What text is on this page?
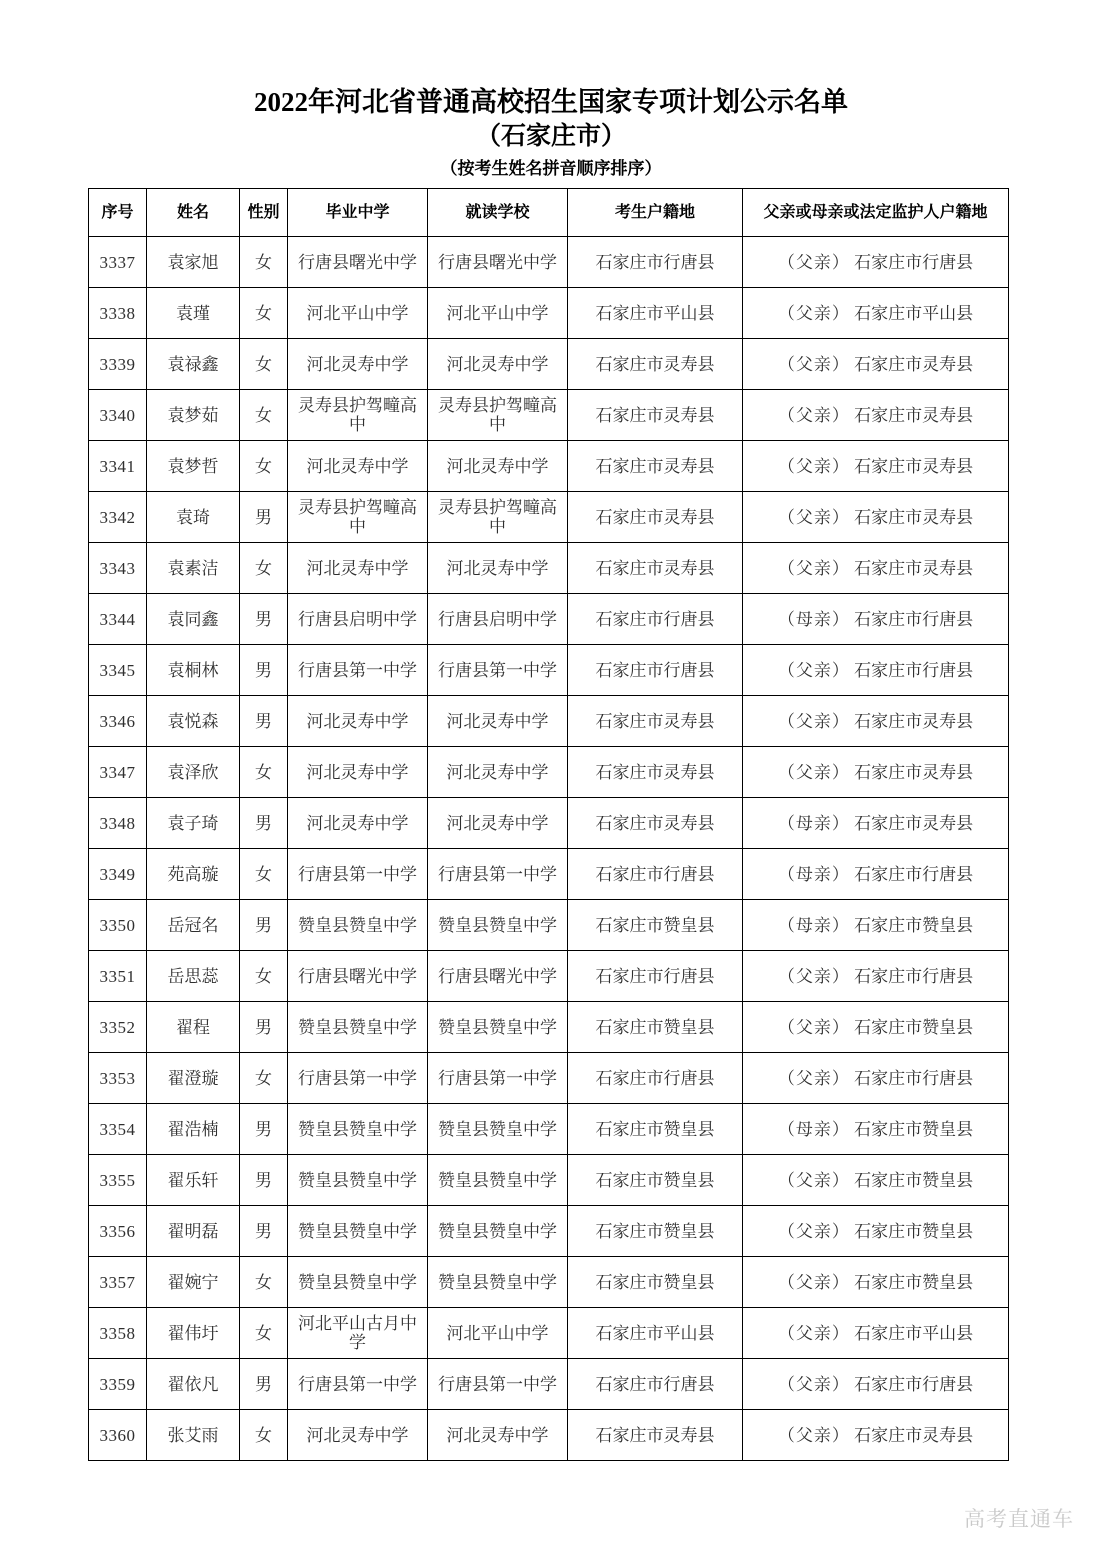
2022年河北省普通高校招生国家专项计划公示名单
（石家庄市）
（按考生姓名拼音顺序排序）
序号	姓名	性别	毕业中学	就读学校	考生户籍地	父亲或母亲或法定监护人户籍地
3337	袁家旭	女	行唐县曙光中学	行唐县曙光中学	石家庄市行唐县	（父亲） 石家庄市行唐县
3338	袁瑾	女	河北平山中学	河北平山中学	石家庄市平山县	（父亲） 石家庄市平山县
3339	袁禄鑫	女	河北灵寿中学	河北灵寿中学	石家庄市灵寿县	（父亲） 石家庄市灵寿县
3340	袁梦茹	女	灵寿县护驾疃高中	灵寿县护驾疃高中	石家庄市灵寿县	（父亲） 石家庄市灵寿县
3341	袁梦哲	女	河北灵寿中学	河北灵寿中学	石家庄市灵寿县	（父亲） 石家庄市灵寿县
3342	袁琦	男	灵寿县护驾疃高中	灵寿县护驾疃高中	石家庄市灵寿县	（父亲） 石家庄市灵寿县
3343	袁素洁	女	河北灵寿中学	河北灵寿中学	石家庄市灵寿县	（父亲） 石家庄市灵寿县
3344	袁同鑫	男	行唐县启明中学	行唐县启明中学	石家庄市行唐县	（母亲） 石家庄市行唐县
3345	袁桐林	男	行唐县第一中学	行唐县第一中学	石家庄市行唐县	（父亲） 石家庄市行唐县
3346	袁悦森	男	河北灵寿中学	河北灵寿中学	石家庄市灵寿县	（父亲） 石家庄市灵寿县
3347	袁泽欣	女	河北灵寿中学	河北灵寿中学	石家庄市灵寿县	（父亲） 石家庄市灵寿县
3348	袁子琦	男	河北灵寿中学	河北灵寿中学	石家庄市灵寿县	（母亲） 石家庄市灵寿县
3349	苑高璇	女	行唐县第一中学	行唐县第一中学	石家庄市行唐县	（母亲） 石家庄市行唐县
3350	岳冠名	男	赞皇县赞皇中学	赞皇县赞皇中学	石家庄市赞皇县	（母亲） 石家庄市赞皇县
3351	岳思蕊	女	行唐县曙光中学	行唐县曙光中学	石家庄市行唐县	（父亲） 石家庄市行唐县
3352	翟程	男	赞皇县赞皇中学	赞皇县赞皇中学	石家庄市赞皇县	（父亲） 石家庄市赞皇县
3353	翟澄璇	女	行唐县第一中学	行唐县第一中学	石家庄市行唐县	（父亲） 石家庄市行唐县
3354	翟浩楠	男	赞皇县赞皇中学	赞皇县赞皇中学	石家庄市赞皇县	（母亲） 石家庄市赞皇县
3355	翟乐轩	男	赞皇县赞皇中学	赞皇县赞皇中学	石家庄市赞皇县	（父亲） 石家庄市赞皇县
3356	翟明磊	男	赞皇县赞皇中学	赞皇县赞皇中学	石家庄市赞皇县	（父亲） 石家庄市赞皇县
3357	翟婉宁	女	赞皇县赞皇中学	赞皇县赞皇中学	石家庄市赞皇县	（父亲） 石家庄市赞皇县
3358	翟伟圩	女	河北平山古月中学	河北平山中学	石家庄市平山县	（父亲） 石家庄市平山县
3359	翟依凡	男	行唐县第一中学	行唐县第一中学	石家庄市行唐县	（父亲） 石家庄市行唐县
3360	张艾雨	女	河北灵寿中学	河北灵寿中学	石家庄市灵寿县	（父亲） 石家庄市灵寿县
高考直通车
